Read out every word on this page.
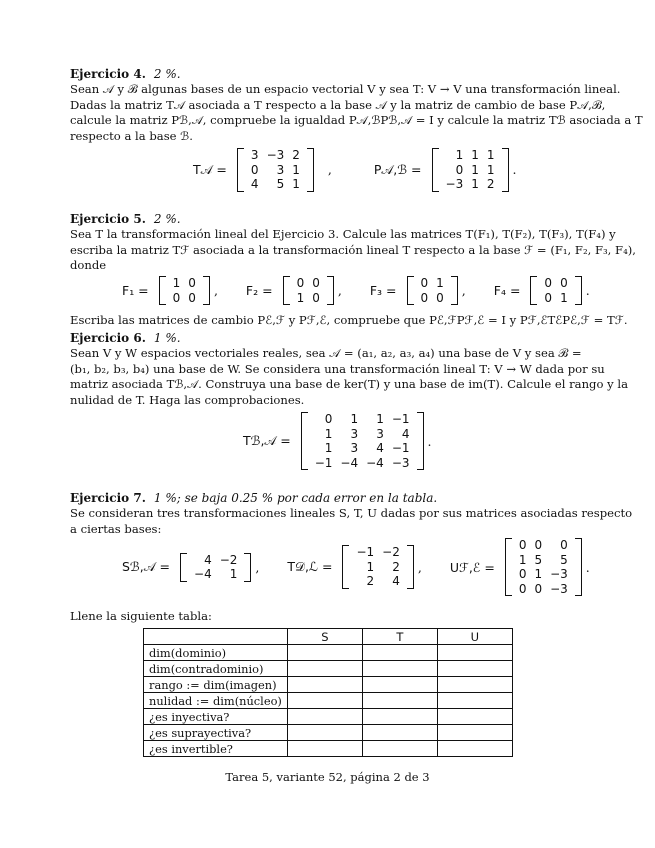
Ejercicio 4. 2 %.
Sean 𝒜 y ℬ algunas bases de un espacio vectorial V y sea T: V → V una transformación lineal.
Dadas la matriz T𝒜 asociada a T respecto a la base 𝒜 y la matriz de cambio de base P𝒜,ℬ,
calcule la matriz Pℬ,𝒜, compruebe la igualdad P𝒜,ℬPℬ,𝒜 = I y calcule la matriz Tℬ asociada a T
respecto a la base ℬ.
T𝒜 =
3	−3	2
0	3	1
4	5	1
,	P𝒜,ℬ =
1	1	1
0	1	1
−3	1	2
.
Ejercicio 5. 2 %.
Sea T la transformación lineal del Ejercicio 3. Calcule las matrices T(F₁), T(F₂), T(F₃), T(F₄) y
escriba la matriz Tℱ asociada a la transformación lineal T respecto a la base ℱ = (F₁, F₂, F₃, F₄),
donde
F₁ =
1	0
0	0 , F₂ =
0	0
1	0 , F₃ =
0	1
0	0 , F₄ =
0	0
0	1 .
Escriba las matrices de cambio Pℰ,ℱ y Pℱ,ℰ, compruebe que Pℰ,ℱPℱ,ℰ = I y Pℱ,ℰTℰPℰ,ℱ = Tℱ.
Ejercicio 6. 1 %.
Sean V y W espacios vectoriales reales, sea 𝒜 = (a₁, a₂, a₃, a₄) una base de V y sea ℬ =
(b₁, b₂, b₃, b₄) una base de W. Se considera una transformación lineal T: V → W dada por su
matriz asociada Tℬ,𝒜. Construya una base de ker(T) y una base de im(T). Calcule el rango y la
nulidad de T. Haga las comprobaciones.
Tℬ,𝒜 =
0	1	1	−1
1	3	3	4
1	3	4	−1
−1	−4	−4	−3
.
Ejercicio 7. 1 %; se baja 0.25 % por cada error en la tabla.
Se consideran tres transformaciones lineales S, T, U dadas por sus matrices asociadas respecto
a ciertas bases:
Sℬ,𝒜 =	4	−2
−4	1 , T𝒟,ℒ =
−1	−2
1	2
2	4
, Uℱ,ℰ =
0	0	0
1	5	5
0	1	−3
0	0	−3
.
Llene la siguiente tabla:
	S	T	U
dim(dominio)			
dim(contradominio)			
rango := dim(imagen)			
nulidad := dim(núcleo)			
¿es inyectiva?			
¿es suprayectiva?			
¿es invertible?			
Tarea 5, variante 52, página 2 de 3
